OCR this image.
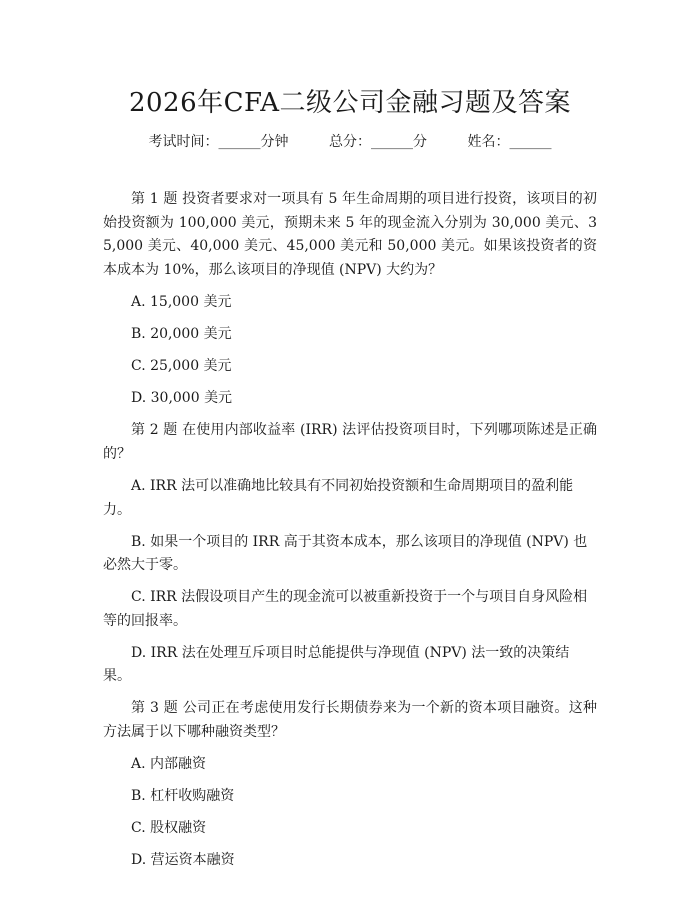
2026年CFA二级公司金融习题及答案
考试时间：______分钟	总分：______分	姓名：______

第 1 题 投资者要求对一项具有 5 年生命周期的项目进行投资，该项目的初始投资额为 100,000 美元，预期未来 5 年的现金流入分别为 30,000 美元、35,000 美元、40,000 美元、45,000 美元和 50,000 美元。如果该投资者的资本成本为 10%，那么该项目的净现值 (NPV) 大约为？

A. 15,000 美元

B. 20,000 美元

C. 25,000 美元

D. 30,000 美元

第 2 题 在使用内部收益率 (IRR) 法评估投资项目时，下列哪项陈述是正确的？

A. IRR 法可以准确地比较具有不同初始投资额和生命周期项目的盈利能力。

B. 如果一个项目的 IRR 高于其资本成本，那么该项目的净现值 (NPV) 也必然大于零。

C. IRR 法假设项目产生的现金流可以被重新投资于一个与项目自身风险相等的回报率。

D. IRR 法在处理互斥项目时总能提供与净现值 (NPV) 法一致的决策结果。

第 3 题 公司正在考虑使用发行长期债券来为一个新的资本项目融资。这种方法属于以下哪种融资类型？

A. 内部融资

B. 杠杆收购融资

C. 股权融资

D. 营运资本融资
